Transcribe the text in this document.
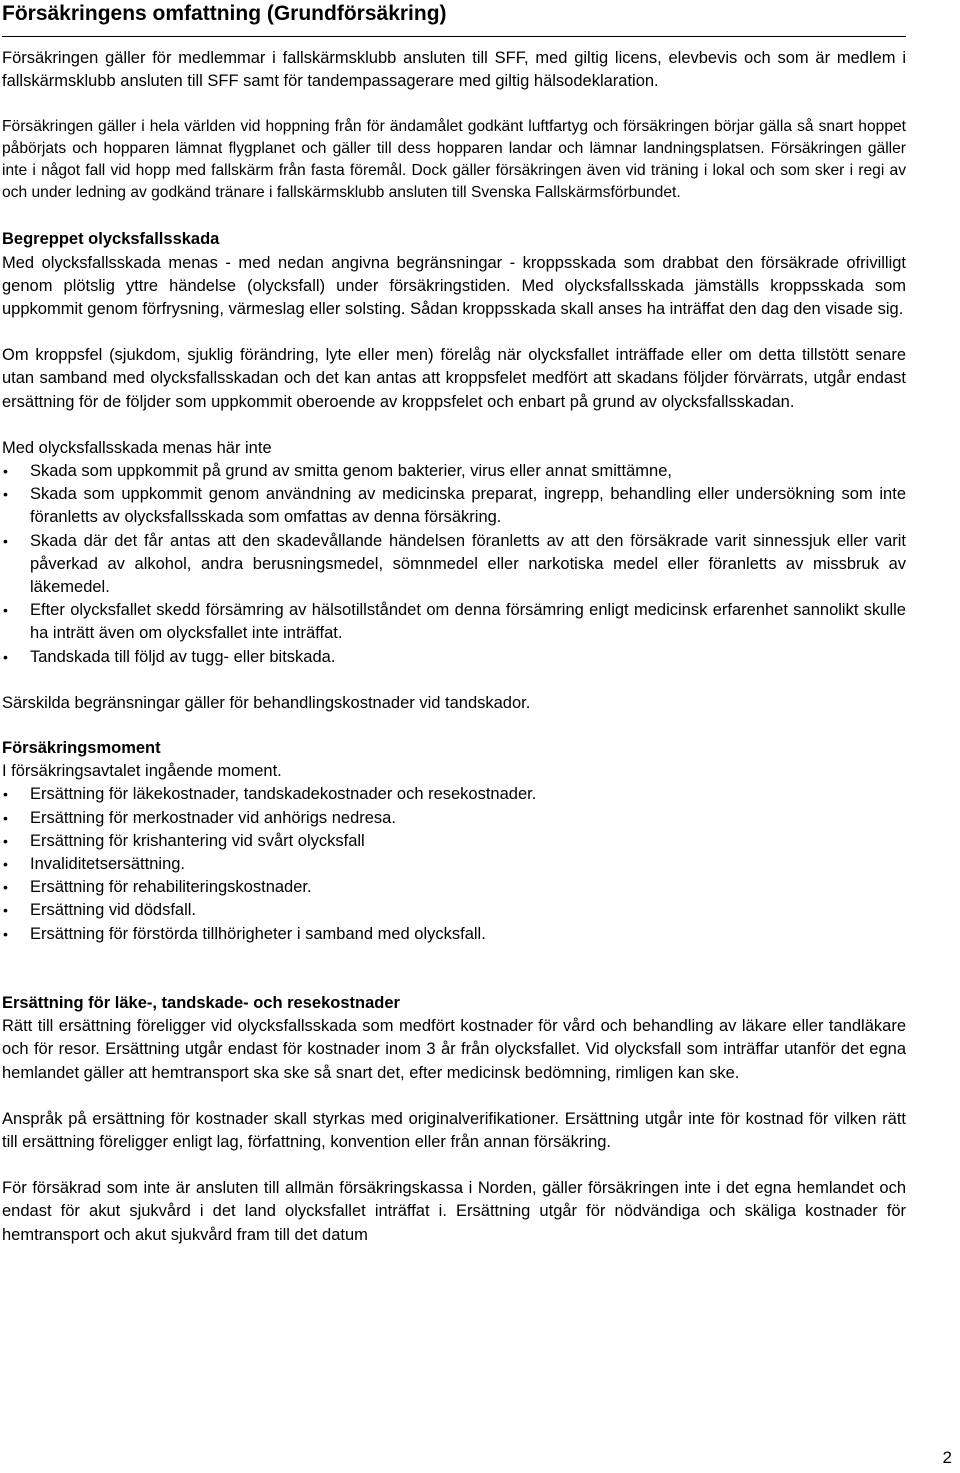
Försäkringens omfattning (Grundförsäkring)

Försäkringen gäller för medlemmar i fallskärmsklubb ansluten till SFF, med giltig licens, elevbevis och som är medlem i fallskärmsklubb ansluten till SFF samt för tandempassagerare med giltig hälsodeklaration.

Försäkringen gäller i hela världen vid hoppning från för ändamålet godkänt luftfartyg och försäkringen börjar gälla så snart hoppet påbörjats och hopparen lämnat flygplanet och gäller till dess hopparen landar och lämnar landningsplatsen. Försäkringen gäller inte i något fall vid hopp med fallskärm från fasta föremål. Dock gäller försäkringen även vid träning i lokal och som sker i regi av och under ledning av godkänd tränare i fallskärmsklubb ansluten till Svenska Fallskärmsförbundet.

Begreppet olycksfallsskada

Med olycksfallsskada menas - med nedan angivna begränsningar - kroppsskada som drabbat den försäkrade ofrivilligt genom plötslig yttre händelse (olycksfall) under försäkringstiden. Med olycksfallsskada jämställs kroppsskada som uppkommit genom förfrysning, värmeslag eller solsting. Sådan kroppsskada skall anses ha inträffat den dag den visade sig.

Om kroppsfel (sjukdom, sjuklig förändring, lyte eller men) förelåg när olycksfallet inträffade eller om detta tillstött senare utan samband med olycksfallsskadan och det kan antas att kroppsfelet medfört att skadans följder förvärrats, utgår endast ersättning för de följder som uppkommit oberoende av kroppsfelet och enbart på grund av olycksfallsskadan.

Med olycksfallsskada menas här inte

• Skada som uppkommit på grund av smitta genom bakterier, virus eller annat smittämne,
• Skada som uppkommit genom användning av medicinska preparat, ingrepp, behandling eller undersökning som inte föranletts av olycksfallsskada som omfattas av denna försäkring.
• Skada där det får antas att den skadevållande händelsen föranletts av att den försäkrade varit sinnessjuk eller varit påverkad av alkohol, andra berusningsmedel, sömnmedel eller narkotiska medel eller föranletts av missbruk av läkemedel.
• Efter olycksfallet skedd försämring av hälsotillståndet om denna försämring enligt medicinsk erfarenhet sannolikt skulle ha inträtt även om olycksfallet inte inträffat.
• Tandskada till följd av tugg- eller bitskada.

Särskilda begränsningar gäller för behandlingskostnader vid tandskador.

Försäkringsmoment

I försäkringsavtalet ingående moment.

• Ersättning för läkekostnader, tandskadekostnader och resekostnader.
• Ersättning för merkostnader vid anhörigs nedresa.
• Ersättning för krishantering vid svårt olycksfall
• Invaliditetsersättning.
• Ersättning för rehabiliteringskostnader.
• Ersättning vid dödsfall.
• Ersättning för förstörda tillhörigheter i samband med olycksfall.
Ersättning för läke-, tandskade- och resekostnader

Rätt till ersättning föreligger vid olycksfallsskada som medfört kostnader för vård och behandling av läkare eller tandläkare och för resor. Ersättning utgår endast för kostnader inom 3 år från olycksfallet. Vid olycksfall som inträffar utanför det egna hemlandet gäller att hemtransport ska ske så snart det, efter medicinsk bedömning, rimligen kan ske.

Anspråk på ersättning för kostnader skall styrkas med originalverifikationer. Ersättning utgår inte för kostnad för vilken rätt till ersättning föreligger enligt lag, författning, konvention eller från annan försäkring.

För försäkrad som inte är ansluten till allmän försäkringskassa i Norden, gäller försäkringen inte i det egna hemlandet och endast för akut sjukvård i det land olycksfallet inträffat i. Ersättning utgår för nödvändiga och skäliga kostnader för hemtransport och akut sjukvård fram till det datum

2
